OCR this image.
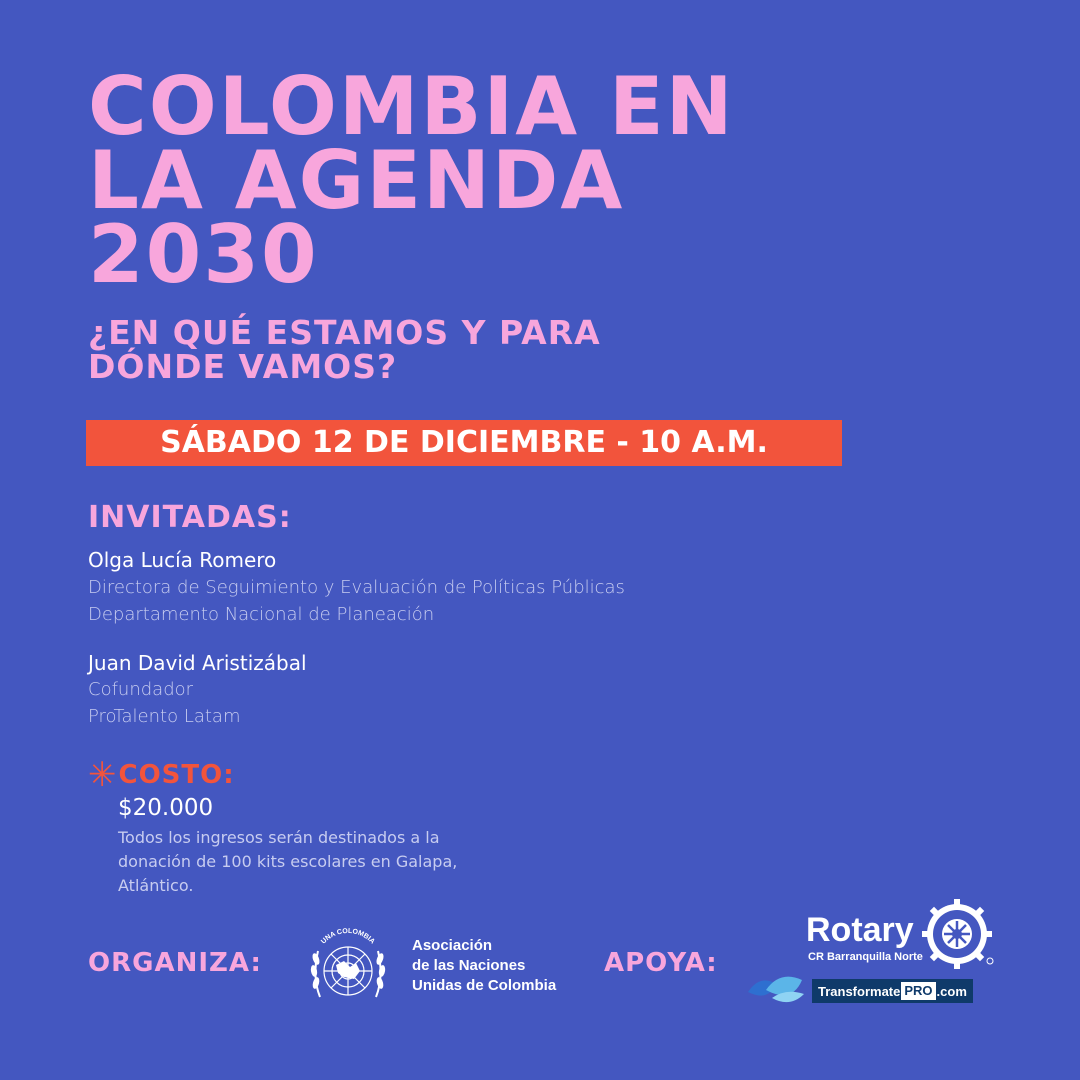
COLOMBIA EN
LA AGENDA
2030
¿EN QUÉ ESTAMOS Y PARA
DÓNDE VAMOS?
SÁBADO 12 DE DICIEMBRE - 10 A.M.
INVITADAS:
Olga Lucía Romero
Directora de Seguimiento y Evaluación de Políticas Públicas
Departamento Nacional de Planeación
Juan David Aristizábal
Cofundador
ProTalento Latam
✳ COSTO:
$20.000
Todos los ingresos serán destinados a la
donación de 100 kits escolares en Galapa,
Atlántico.
ORGANIZA:
UNA COLOMBIA Asociación
de las Naciones
Unidas de Colombia
APOYA:
Rotary
CR Barranquilla Norte
Transformate PRO .com
